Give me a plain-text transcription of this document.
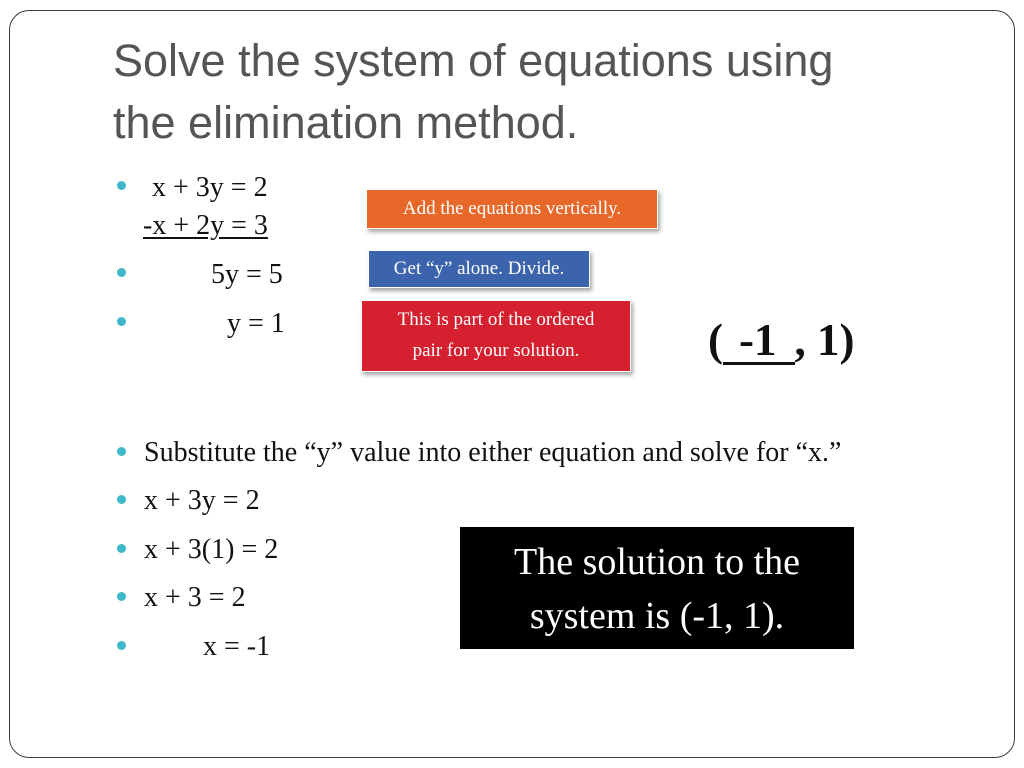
Solve the system of equations using
the elimination method.
x + 3y = 2
-x + 2y = 3
5y = 5
y = 1
Add the equations vertically.
Get “y” alone. Divide.
This is part of the ordered
pair for your solution.	( -1 , 1)
Substitute the “y” value into either equation and solve for “x.”
x + 3y = 2
x + 3(1) = 2
x + 3 = 2
x = -1
The solution to the
system is (-1, 1).
